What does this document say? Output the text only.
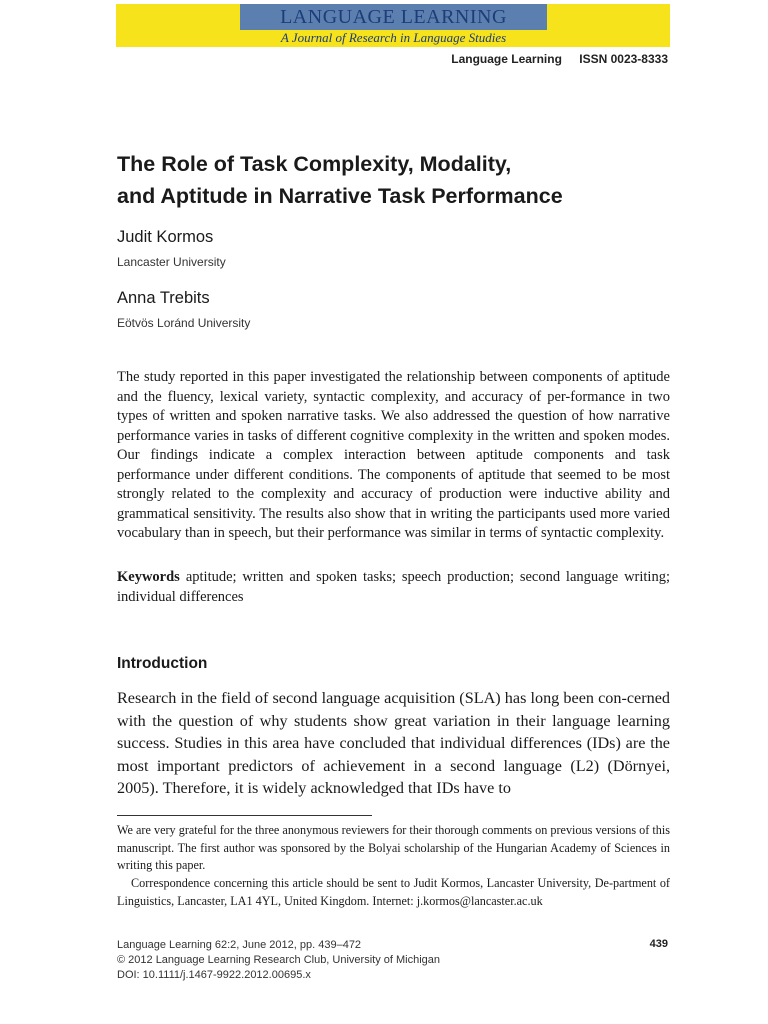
LANGUAGE LEARNING
A Journal of Research in Language Studies
Language Learning ISSN 0023-8333
The Role of Task Complexity, Modality,
and Aptitude in Narrative Task Performance
Judit Kormos
Lancaster University
Anna Trebits
Eötvös Loránd University

The study reported in this paper investigated the relationship between components of aptitude and the fluency, lexical variety, syntactic complexity, and accuracy of per-formance in two types of written and spoken narrative tasks. We also addressed the question of how narrative performance varies in tasks of different cognitive complexity in the written and spoken modes. Our findings indicate a complex interaction between aptitude components and task performance under different conditions. The components of aptitude that seemed to be most strongly related to the complexity and accuracy of production were inductive ability and grammatical sensitivity. The results also show that in writing the participants used more varied vocabulary than in speech, but their performance was similar in terms of syntactic complexity.

Keywords aptitude; written and spoken tasks; speech production; second language writing; individual differences

Introduction

Research in the field of second language acquisition (SLA) has long been con-cerned with the question of why students show great variation in their language learning success. Studies in this area have concluded that individual differences (IDs) are the most important predictors of achievement in a second language (L2) (Dörnyei, 2005). Therefore, it is widely acknowledged that IDs have to

We are very grateful for the three anonymous reviewers for their thorough comments on previous versions of this manuscript. The first author was sponsored by the Bolyai scholarship of the Hungarian Academy of Sciences in writing this paper.

Correspondence concerning this article should be sent to Judit Kormos, Lancaster University, De-partment of Linguistics, Lancaster, LA1 4YL, United Kingdom. Internet: j.kormos@lancaster.ac.uk

Language Learning 62:2, June 2012, pp. 439–472
© 2012 Language Learning Research Club, University of Michigan
DOI: 10.1111/j.1467-9922.2012.00695.x
439
